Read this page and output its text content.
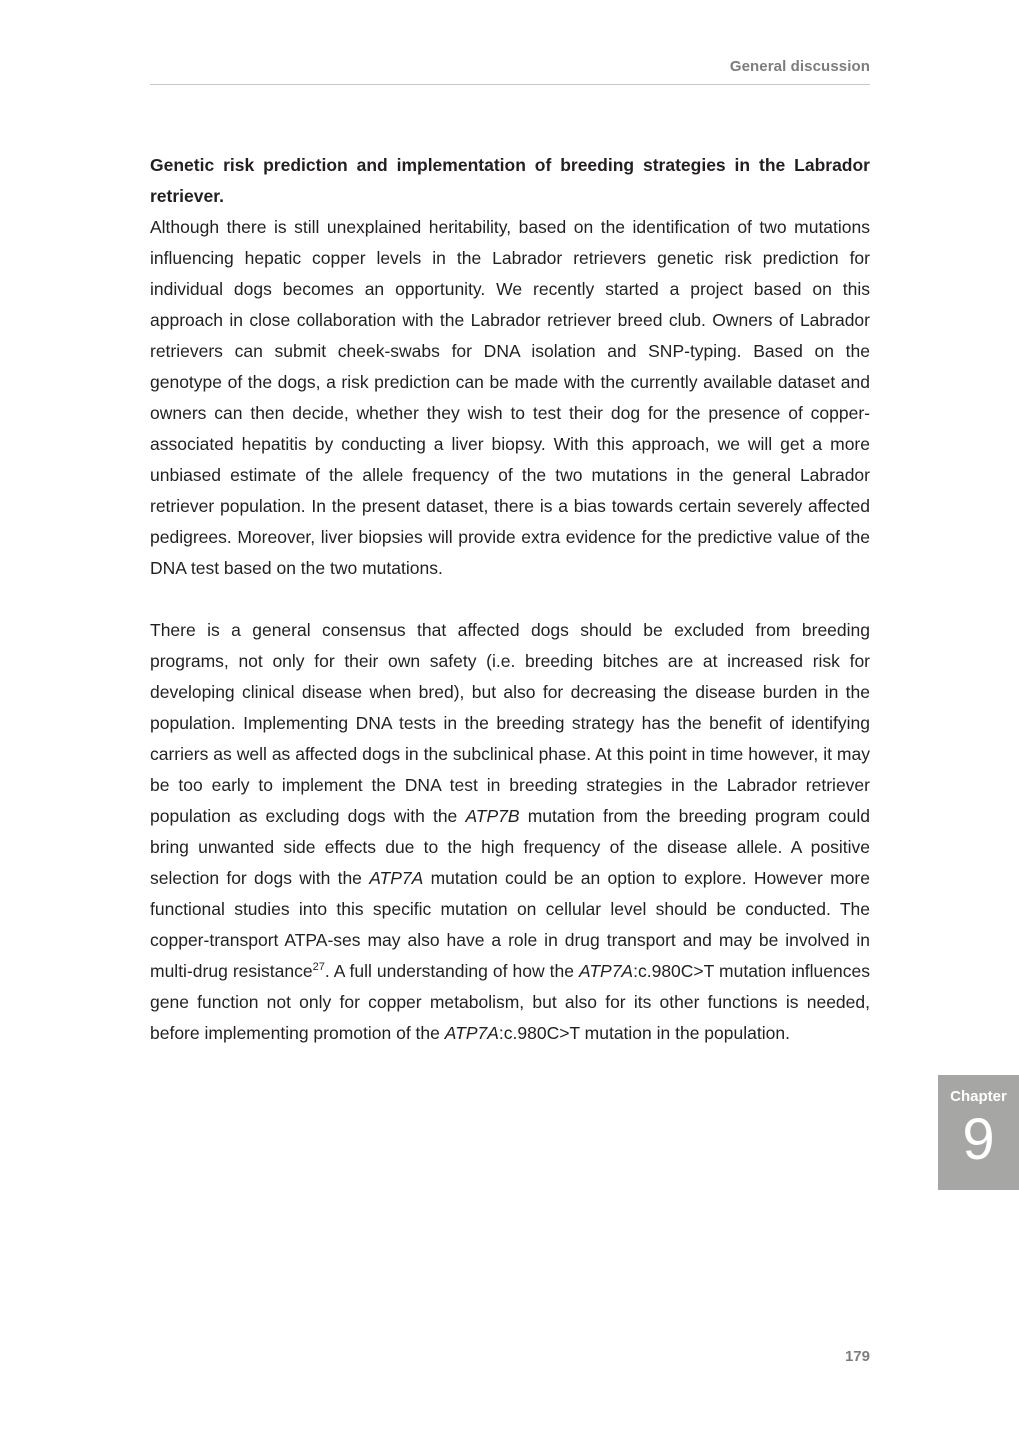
General discussion
Genetic risk prediction and implementation of breeding strategies in the Labrador retriever.

Although there is still unexplained heritability, based on the identification of two mutations influencing hepatic copper levels in the Labrador retrievers genetic risk prediction for individual dogs becomes an opportunity. We recently started a project based on this approach in close collaboration with the Labrador retriever breed club. Owners of Labrador retrievers can submit cheek-swabs for DNA isolation and SNP-typing. Based on the genotype of the dogs, a risk prediction can be made with the currently available dataset and owners can then decide, whether they wish to test their dog for the presence of copper-associated hepatitis by conducting a liver biopsy. With this approach, we will get a more unbiased estimate of the allele frequency of the two mutations in the general Labrador retriever population. In the present dataset, there is a bias towards certain severely affected pedigrees. Moreover, liver biopsies will provide extra evidence for the predictive value of the DNA test based on the two mutations.

There is a general consensus that affected dogs should be excluded from breeding programs, not only for their own safety (i.e. breeding bitches are at increased risk for developing clinical disease when bred), but also for decreasing the disease burden in the population. Implementing DNA tests in the breeding strategy has the benefit of identifying carriers as well as affected dogs in the subclinical phase. At this point in time however, it may be too early to implement the DNA test in breeding strategies in the Labrador retriever population as excluding dogs with the ATP7B mutation from the breeding program could bring unwanted side effects due to the high frequency of the disease allele. A positive selection for dogs with the ATP7A mutation could be an option to explore. However more functional studies into this specific mutation on cellular level should be conducted. The copper-transport ATPA-ses may also have a role in drug transport and may be involved in multi-drug resistance$^{27}$. A full understanding of how the ATP7A:c.980C>T mutation influences gene function not only for copper metabolism, but also for its other functions is needed, before implementing promotion of the ATP7A:c.980C>T mutation in the population.

Chapter
9
179
